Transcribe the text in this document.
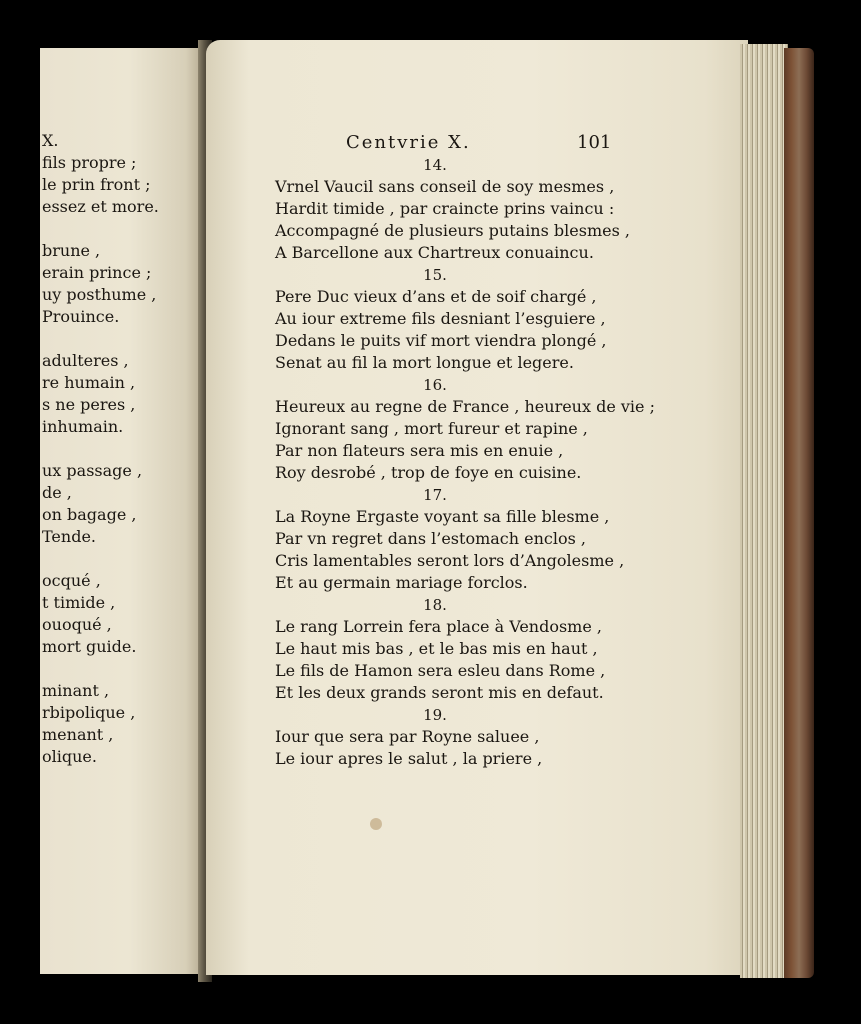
X.
fils propre ;
le prin front ;
essez et more.
brune ,
erain prince ;
uy posthume ,
Prouince.
adulteres ,
re humain ,
s ne peres ,
inhumain.
ux passage ,
de ,
on bagage ,
Tende.
ocqué ,
t timide ,
ouoqué ,
mort guide.
minant ,
rbipolique ,
menant ,
olique.
Centvrie X.	101
14.
Vrnel Vaucil sans conseil de soy mesmes ,
Hardit timide , par craincte prins vaincu :
Accompagné de plusieurs putains blesmes ,
A Barcellone aux Chartreux conuaincu.
15.
Pere Duc vieux d’ans et de soif chargé ,
Au iour extreme fils desniant l’esguiere ,
Dedans le puits vif mort viendra plongé ,
Senat au fil la mort longue et legere.
16.
Heureux au regne de France , heureux de vie ;
Ignorant sang , mort fureur et rapine ,
Par non flateurs sera mis en enuie ,
Roy desrobé , trop de foye en cuisine.
17.
La Royne Ergaste voyant sa fille blesme ,
Par vn regret dans l’estomach enclos ,
Cris lamentables seront lors d’Angolesme ,
Et au germain mariage forclos.
18.
Le rang Lorrein fera place à Vendosme ,
Le haut mis bas , et le bas mis en haut ,
Le fils de Hamon sera esleu dans Rome ,
Et les deux grands seront mis en defaut.
19.
Iour que sera par Royne saluee ,
Le iour apres le salut , la priere ,
